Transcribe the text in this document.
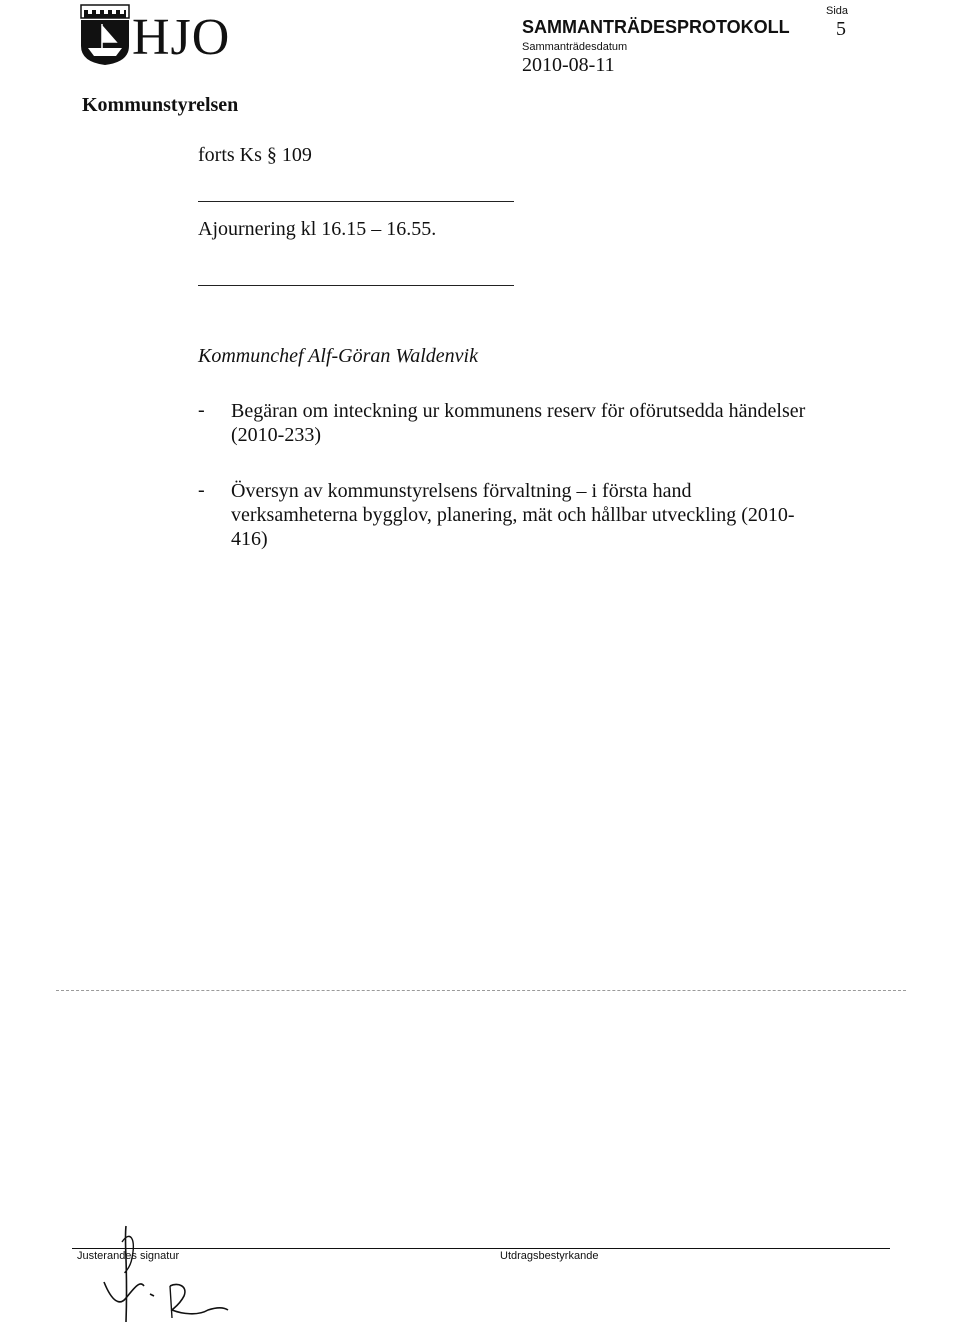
HJO	Sida
5
SAMMANTRÄDESPROTOKOLL
Sammanträdesdatum
2010-08-11
Kommunstyrelsen
forts Ks § 109
Ajournering kl 16.15 – 16.55.
Kommunchef Alf-Göran Waldenvik
- Begäran om inteckning ur kommunens reserv för oförutsedda händelser (2010-233)
- Översyn av kommunstyrelsens förvaltning – i första hand verksamheterna bygglov, planering, mät och hållbar utveckling (2010-416)
Justerandes signatur	Utdragsbestyrkande
